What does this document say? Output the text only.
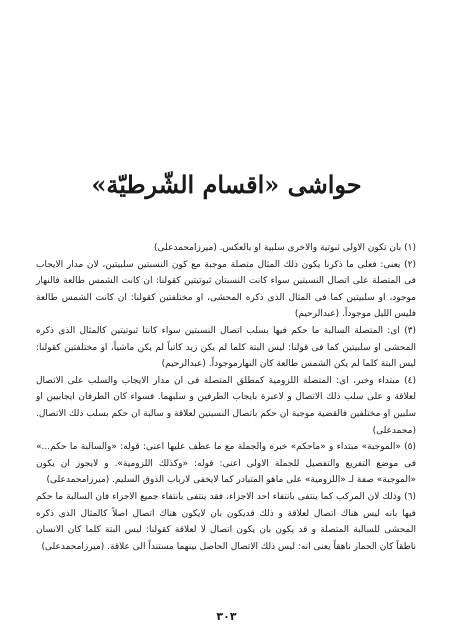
حواشى «اقسام الشّرطيّة»

(١) بان تكون الاولى ثبوتية والاخرى سلبية او بالعكس. (ميرزامحمدعلى)

(٢) يعنى: فعلى ما ذكرنا يكون ذلك المثال متصلة موجبة مع كون النسبتين سلبيتين، لان مدار الايجاب فى المتصلة على اتصال النسبتين سواء كانت النسبتان ثبوتيتين كقولنا: ان كانت الشمس طالعة فالنهار موجود، او سلبيتين كما فى المثال الذى ذكره المحشى، او مختلفتين كقولنا: ان كانت الشمس طالعة فليس الليل موجوداً. (عبدالرحيم)

(٣) اى: المتصلة السالبة ما حكم فيها بسلب اتصال النسبتين سواء كانتا ثبوتيتين كالمثال الذى ذكره المحشى او سلبيتين كما فى قولنا: ليس البتة كلما لم يكن زيد كاتباً لم يكن ماشياً، او مختلفتين كقولنا: ليس البتة كلما لم يكن الشمس طالعة كان النهارموجوداً. (عبدالرحيم)

(٤) مبتداء وخبر، اى: المتصلة اللزومية كمطلق المتصلة فى ان مدار الايجاب والسلب على الاتصال لعلاقة و على سلب ذلك الاتصال و لاعبرة بايجاب الطرفين و سلبهما. فسواء كان الطرفان ايجابيين او سلبين او مختلفين فالقضية موجبة ان حكم باتصال النسبتين لعلاقة و سالبة ان حكم بسلب ذلك الاتصال. (محمدعلى)

(٥) «الموجبة» مبتداء و «ماحكم» خبره والجملة مع ما عطف عليها اعنى: قوله: «والسالبة ما حكم...» فى موضع التفريع والتفصيل للجملة الاولى اعنى: قوله: «وكذلك اللزومية». و لايجوز ان يكون «الموجبة» صفة لـ «اللزومية» على ماهو المتبادر كما لايخفى لارباب الذوق السليم. (ميرزامحمدعلى)

(٦) وذلك لان المركب كما ينتفى بانتفاء احد الاجزاء، فقد ينتفى بانتفاء جميع الاجزاء فان السالبة ما حكم فيها بانه ليس هناك اتصال لعلاقة و ذلك قديكون بان لايكون هناك اتصال اصلاً كالمثال الذى ذكره المحشى للسالبة المتصلة و قد يكون بان يكون اتصال لا لعلاقة كقولنا: ليس البتة كلما كان الانسان ناطقاً كان الحمار ناهقاً يعنى انه: ليس ذلك الاتصال الحاصل بينهما مستنداً الى علاقة. (ميرزامحمدعلى)

٣٠٣
